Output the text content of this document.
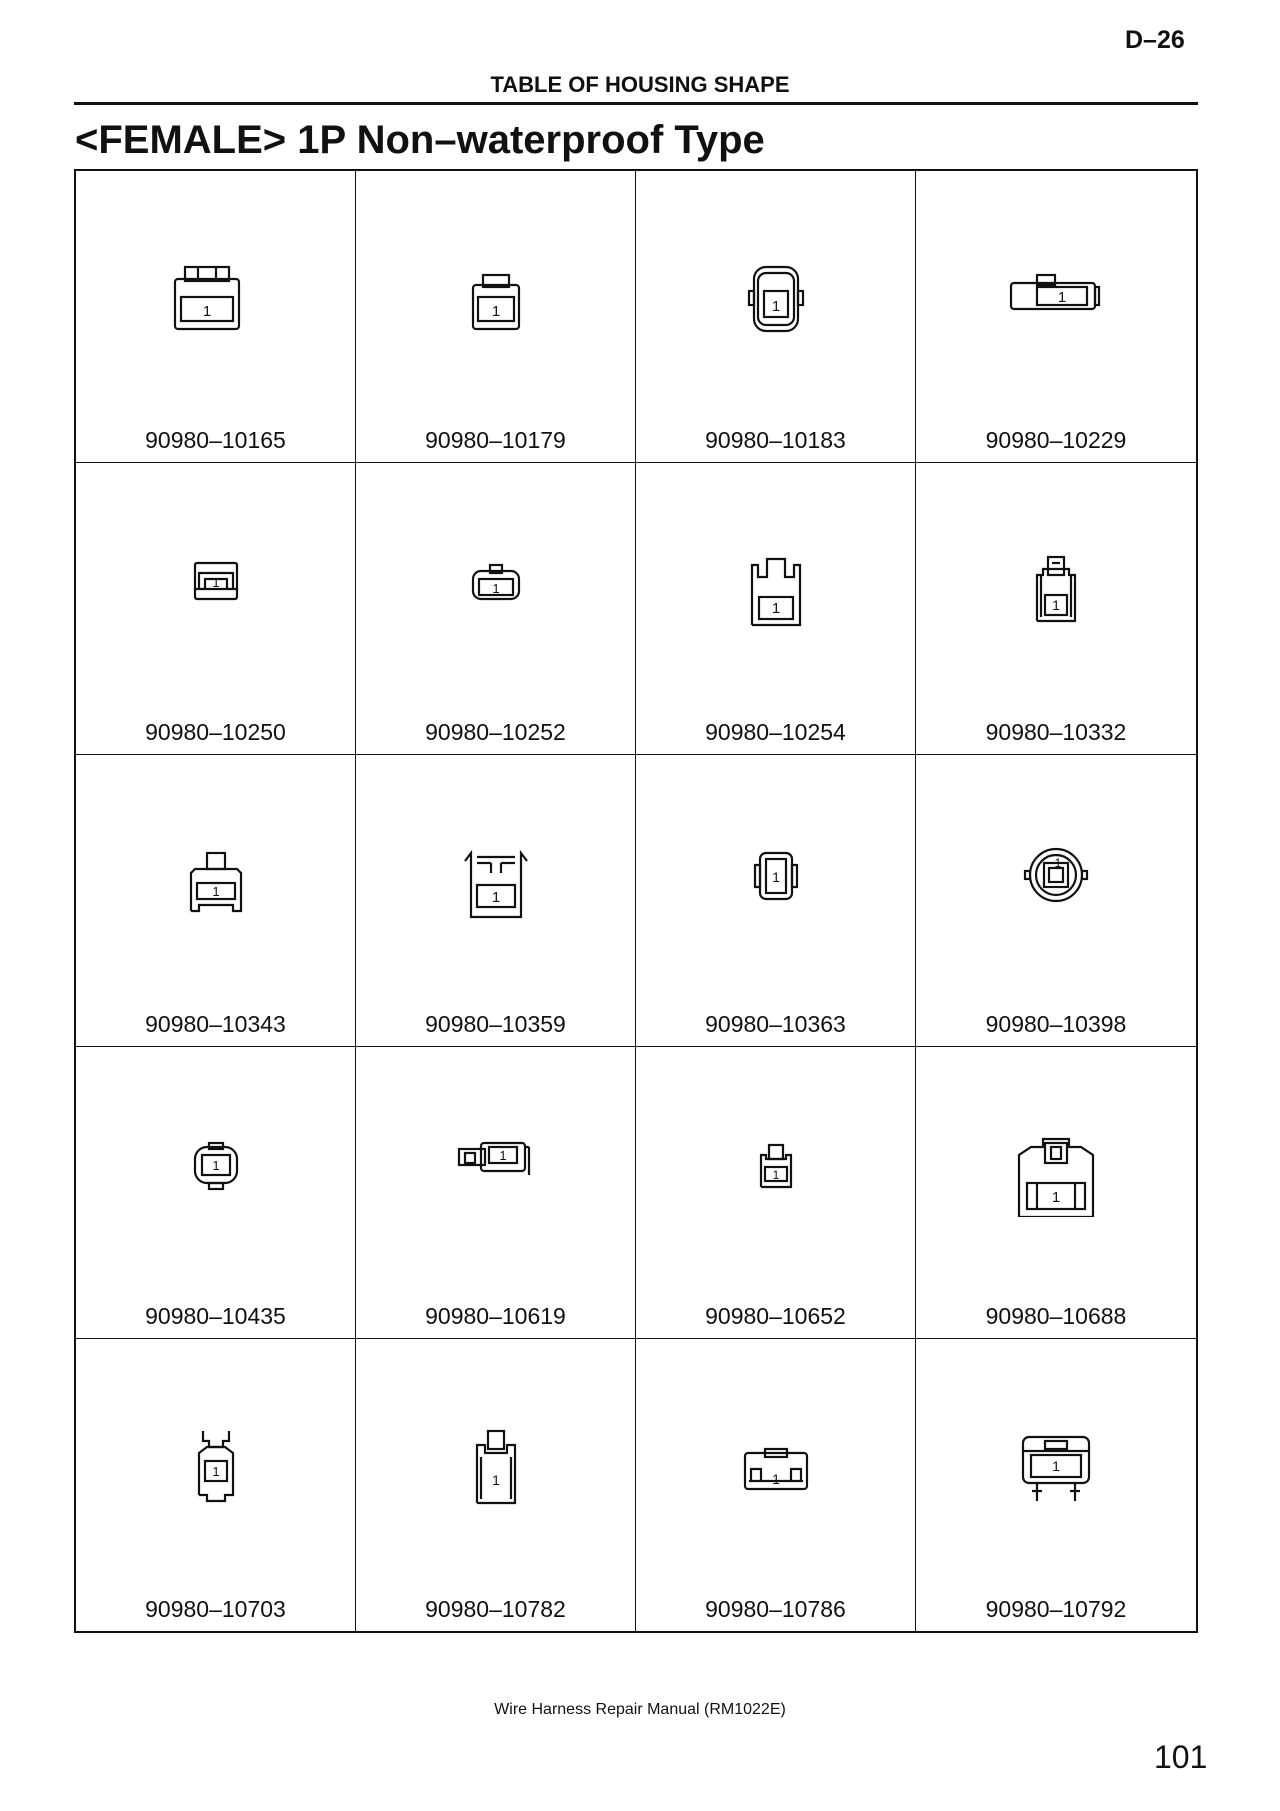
D–26
TABLE OF HOUSING SHAPE
<FEMALE> 1P Non–waterproof Type
1
90980–10165
1
90980–10179
1
90980–10183
1
90980–10229
1
90980–10250
1
90980–10252
1
90980–10254
1
90980–10332
1
90980–10343
1
90980–10359
1
90980–10363
1
90980–10398
1
90980–10435
1
90980–10619
1
90980–10652
1
90980–10688
1
90980–10703
1
90980–10782
1
90980–10786
1
90980–10792
Wire Harness Repair Manual (RM1022E)
101
